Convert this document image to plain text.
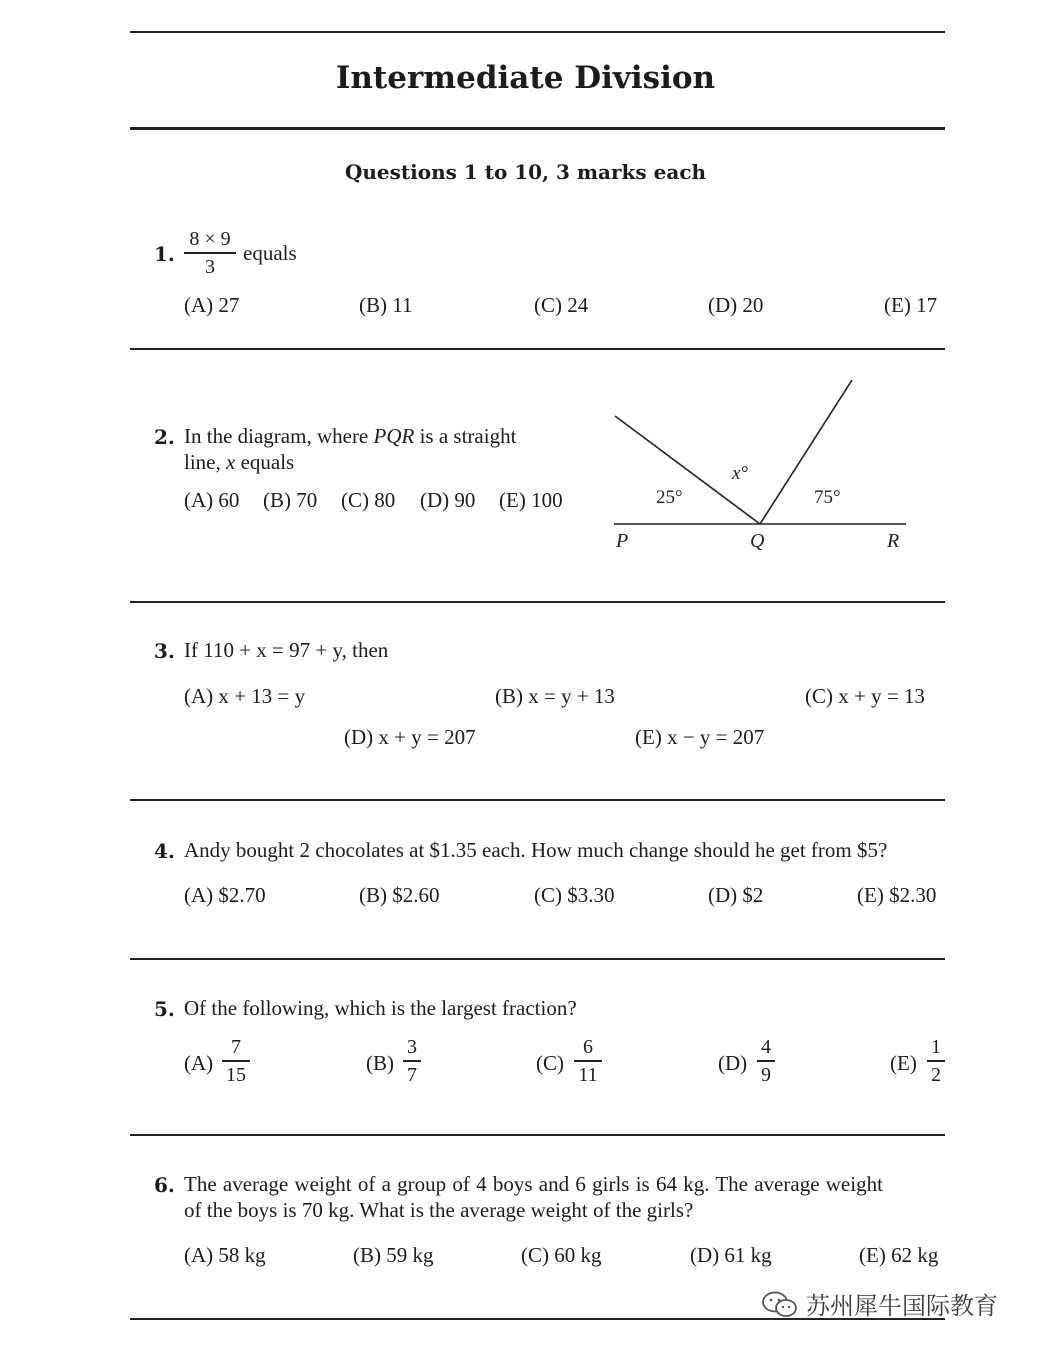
Intermediate Division
Questions 1 to 10, 3 marks each
1.
8 × 9
3
equals
(A) 27	(B) 11	(C) 24	(D) 20	(E) 17
2. In the diagram, where PQR is a straight
line, x equals
(A) 60 (B) 70 (C) 80 (D) 90 (E) 100	25°
x°
75°
P	Q	R
3. If 110 + x = 97 + y, then
(A) x + 13 = y	(B) x = y + 13	(C) x + y = 13
(D) x + y = 207	(E) x − y = 207
4. Andy bought 2 chocolates at $1.35 each. How much change should he get from $5?
(A) $2.70	(B) $2.60	(C) $3.30	(D) $2	(E) $2.30
5. Of the following, which is the largest fraction?
(A)
7
15	(B)
3
7	(C)
6
11	(D)
4
9	(E)
1
2
6. The average weight of a group of 4 boys and 6 girls is 64 kg. The average weight
of the boys is 70 kg. What is the average weight of the girls?
(A) 58 kg	(B) 59 kg	(C) 60 kg	(D) 61 kg	(E) 62 kg
苏州犀牛国际教育
